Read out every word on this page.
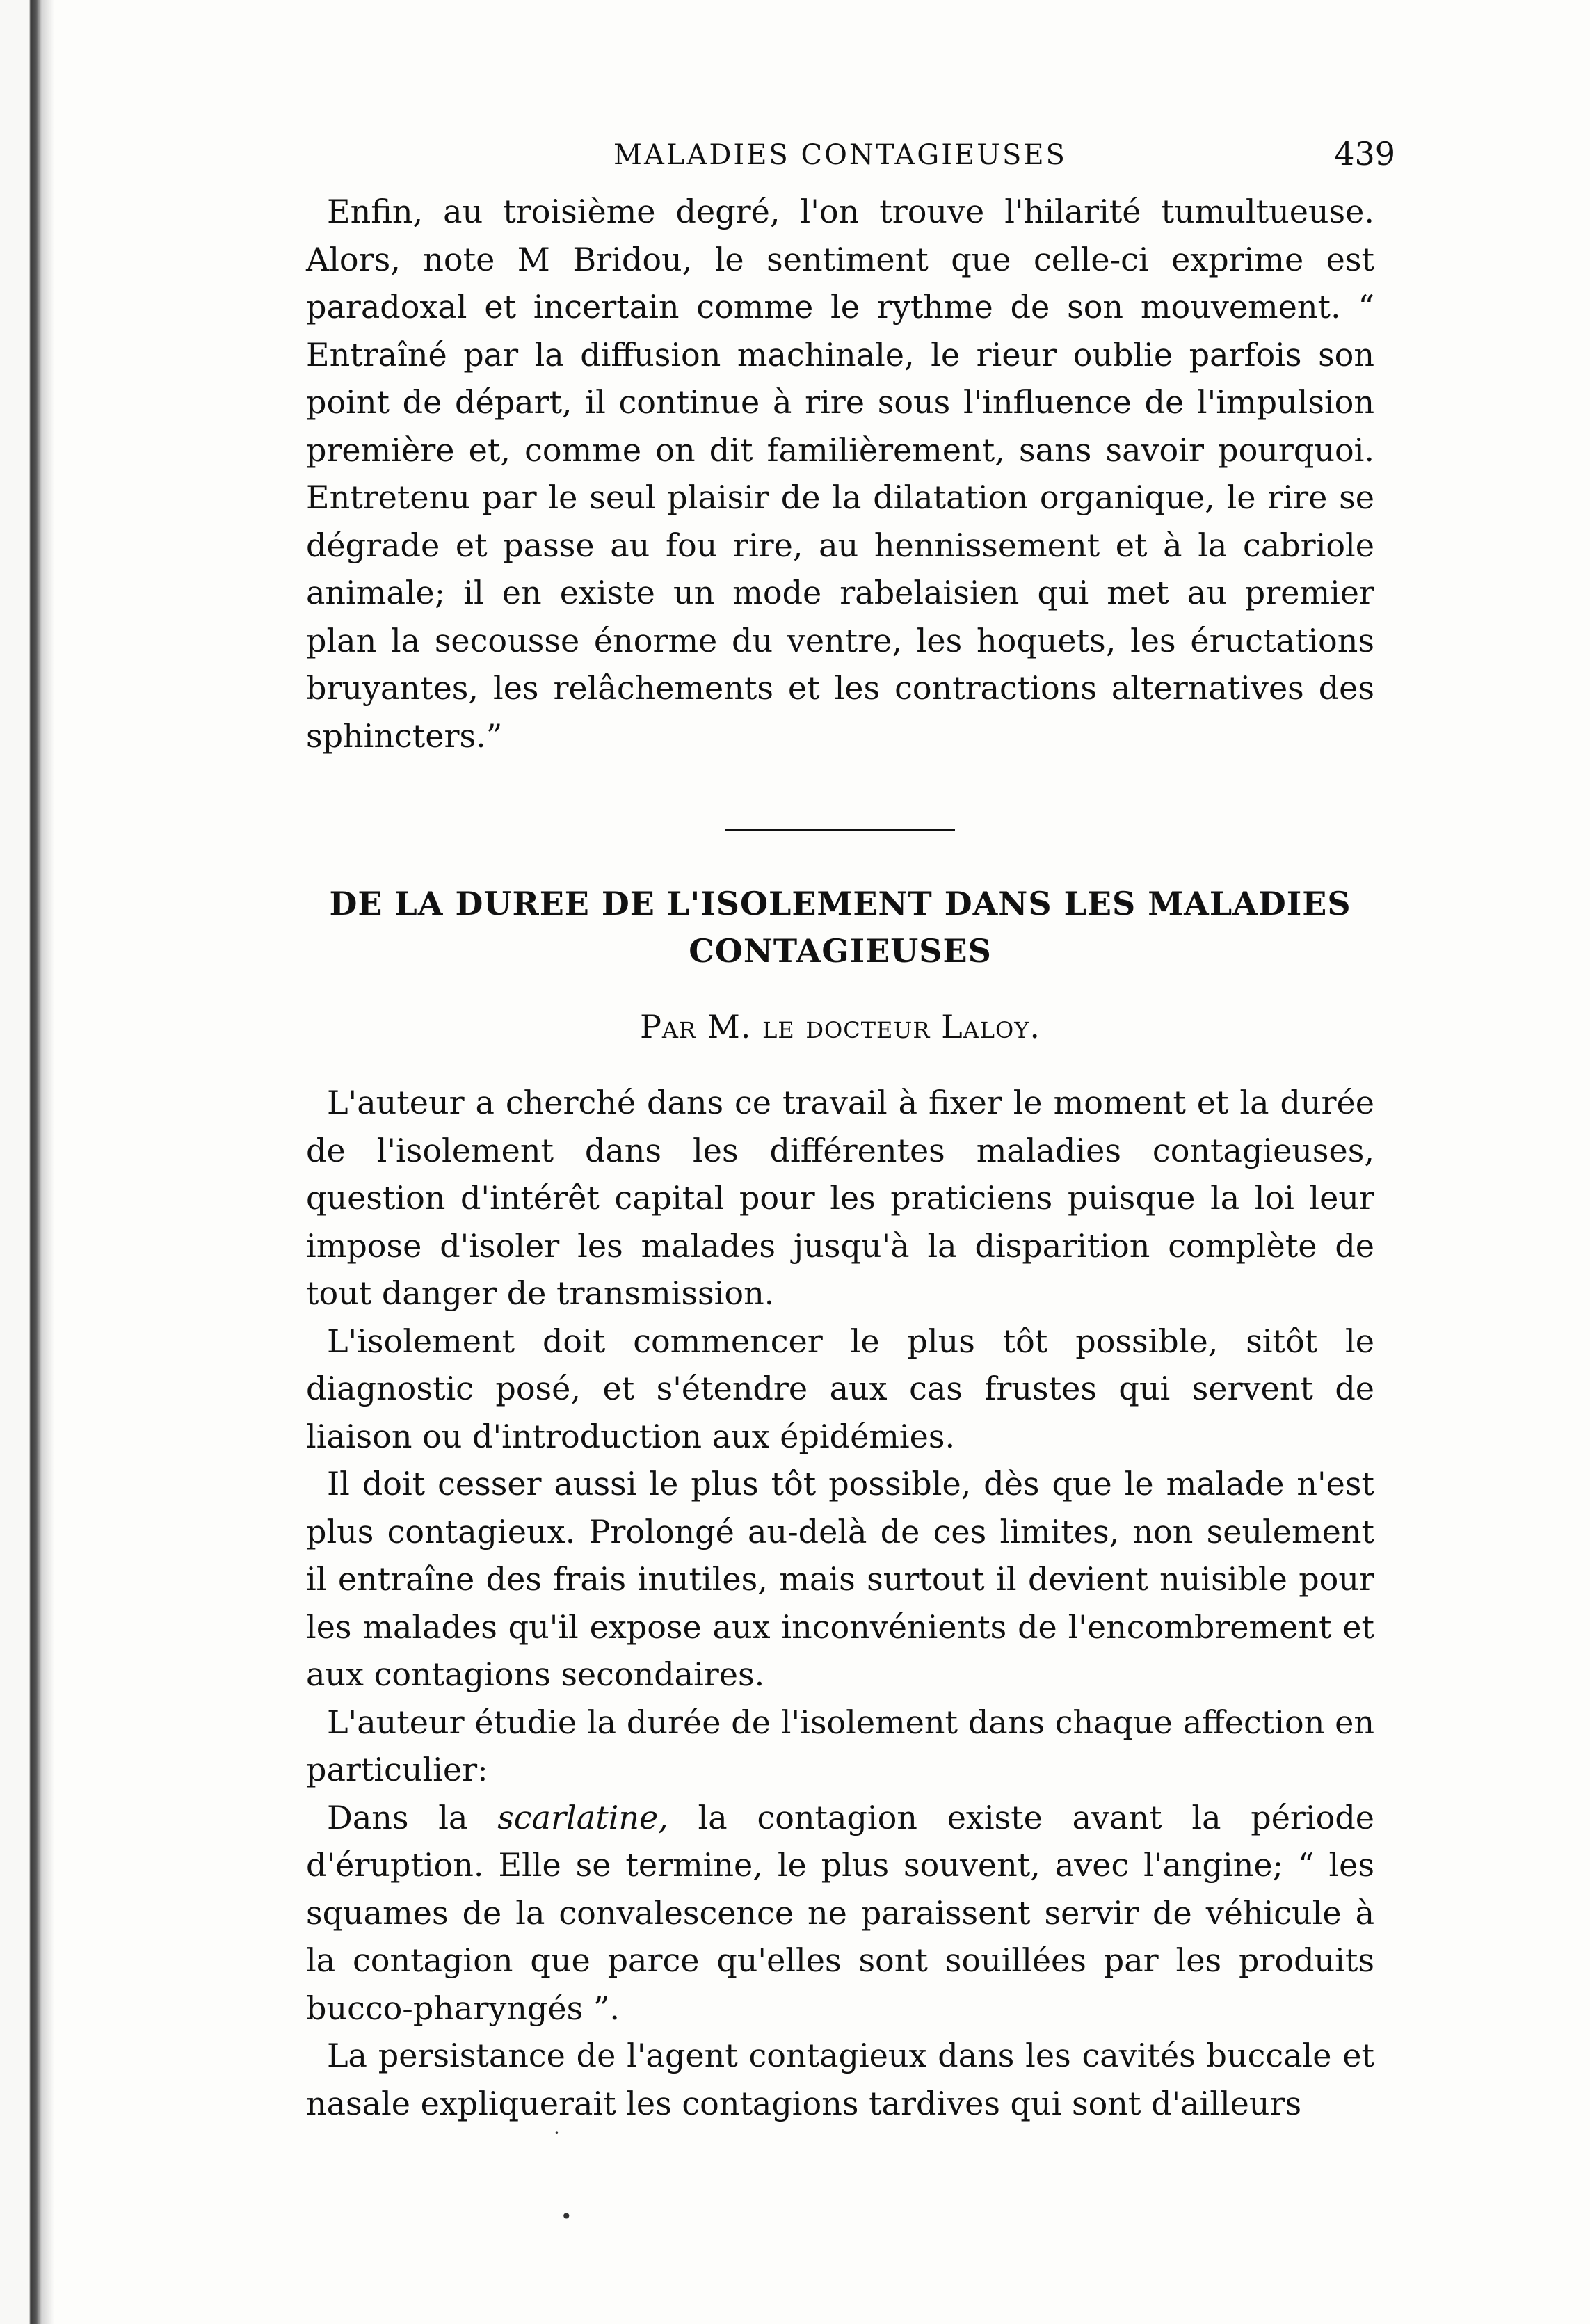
MALADIES CONTAGIEUSES	439

Enfin, au troisième degré, l'on trouve l'hilarité tumultueuse. Alors, note M Bridou, le sentiment que celle-ci exprime est paradoxal et incertain comme le rythme de son mouvement. “ Entraîné par la diffusion machinale, le rieur oublie parfois son point de départ, il continue à rire sous l'influence de l'impulsion première et, comme on dit familièrement, sans savoir pourquoi. Entretenu par le seul plaisir de la dilatation organique, le rire se dégrade et passe au fou rire, au hennissement et à la cabriole animale; il en existe un mode rabelaisien qui met au premier plan la secousse énorme du ventre, les hoquets, les éructations bruyantes, les relâchements et les contractions alternatives des sphincters.”

DE LA DUREE DE L'ISOLEMENT DANS LES MALADIES CONTAGIEUSES
Par M. le docteur Laloy.

L'auteur a cherché dans ce travail à fixer le moment et la durée de l'isolement dans les différentes maladies contagieuses, question d'intérêt capital pour les praticiens puisque la loi leur impose d'isoler les malades jusqu'à la disparition complète de tout danger de transmission.

L'isolement doit commencer le plus tôt possible, sitôt le diagnostic posé, et s'étendre aux cas frustes qui servent de liaison ou d'introduction aux épidémies.

Il doit cesser aussi le plus tôt possible, dès que le malade n'est plus contagieux. Prolongé au-delà de ces limites, non seulement il entraîne des frais inutiles, mais surtout il devient nuisible pour les malades qu'il expose aux inconvénients de l'encombrement et aux contagions secondaires.

L'auteur étudie la durée de l'isolement dans chaque affection en particulier:

Dans la scarlatine, la contagion existe avant la période d'éruption. Elle se termine, le plus souvent, avec l'angine; “ les squames de la convalescence ne paraissent servir de véhicule à la contagion que parce qu'elles sont souillées par les produits bucco-pharyngés ”.

La persistance de l'agent contagieux dans les cavités buccale et nasale expliquerait les contagions tardives qui sont d'ailleurs

·
•
